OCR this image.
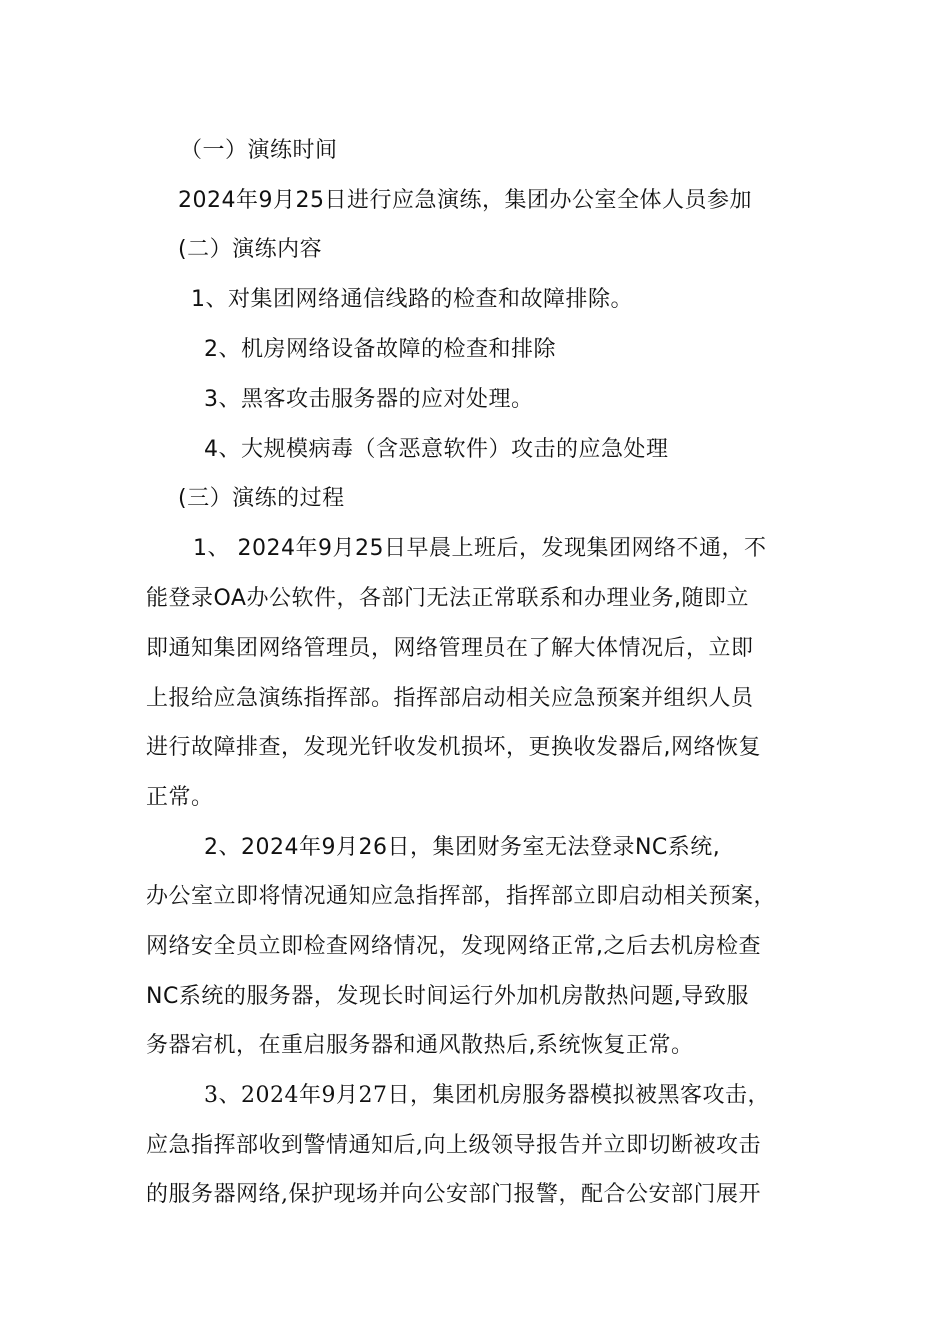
（一）演练时间
2024年9月25日进行应急演练，集团办公室全体人员参加
(二）演练内容
1、对集团网络通信线路的检查和故障排除。
2、机房网络设备故障的检查和排除
3、黑客攻击服务器的应对处理。
4、大规模病毒（含恶意软件）攻击的应急处理
(三）演练的过程
1、 2024年9月25日早晨上班后，发现集团网络不通，不
能登录OA办公软件，各部门无法正常联系和办理业务,随即立
即通知集团网络管理员，网络管理员在了解大体情况后，立即
上报给应急演练指挥部。指挥部启动相关应急预案并组织人员
进行故障排查，发现光钎收发机损坏，更换收发器后,网络恢复
正常。
2、2024年9月26日，集团财务室无法登录NC系统,
办公室立即将情况通知应急指挥部，指挥部立即启动相关预案，
网络安全员立即检查网络情况，发现网络正常,之后去机房检查
NC系统的服务器，发现长时间运行外加机房散热问题,导致服
务器宕机，在重启服务器和通风散热后,系统恢复正常。
3、2024年9月27日，集团机房服务器模拟被黑客攻击，
应急指挥部收到警情通知后,向上级领导报告并立即切断被攻击
的服务器网络,保护现场并向公安部门报警，配合公安部门展开
